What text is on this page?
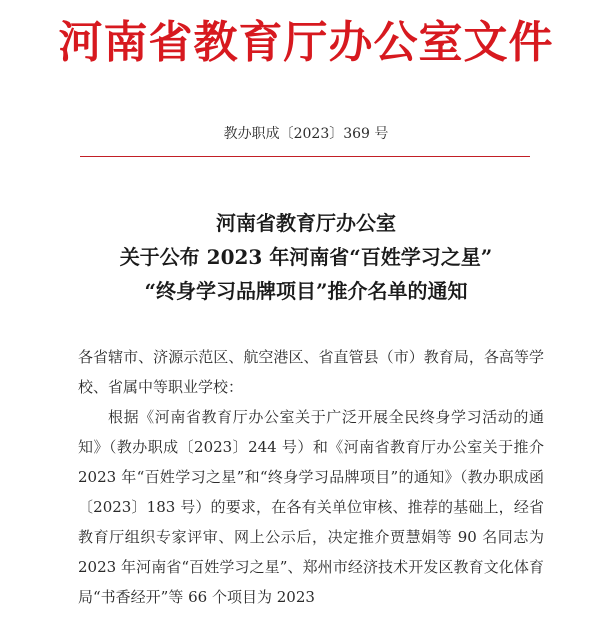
河南省教育厅办公室文件
教办职成〔2023〕369 号
河南省教育厅办公室
关于公布 2023 年河南省“百姓学习之星”
“终身学习品牌项目”推介名单的通知

各省辖市、济源示范区、航空港区、省直管县（市）教育局，各高等学校、省属中等职业学校：

根据《河南省教育厅办公室关于广泛开展全民终身学习活动的通知》（教办职成〔2023〕244 号）和《河南省教育厅办公室关于推介 2023 年“百姓学习之星”和“终身学习品牌项目”的通知》（教办职成函〔2023〕183 号）的要求，在各有关单位审核、推荐的基础上，经省教育厅组织专家评审、网上公示后，决定推介贾慧娟等 90 名同志为 2023 年河南省“百姓学习之星”、郑州市经济技术开发区教育文化体育局“书香经开”等 66 个项目为 2023
